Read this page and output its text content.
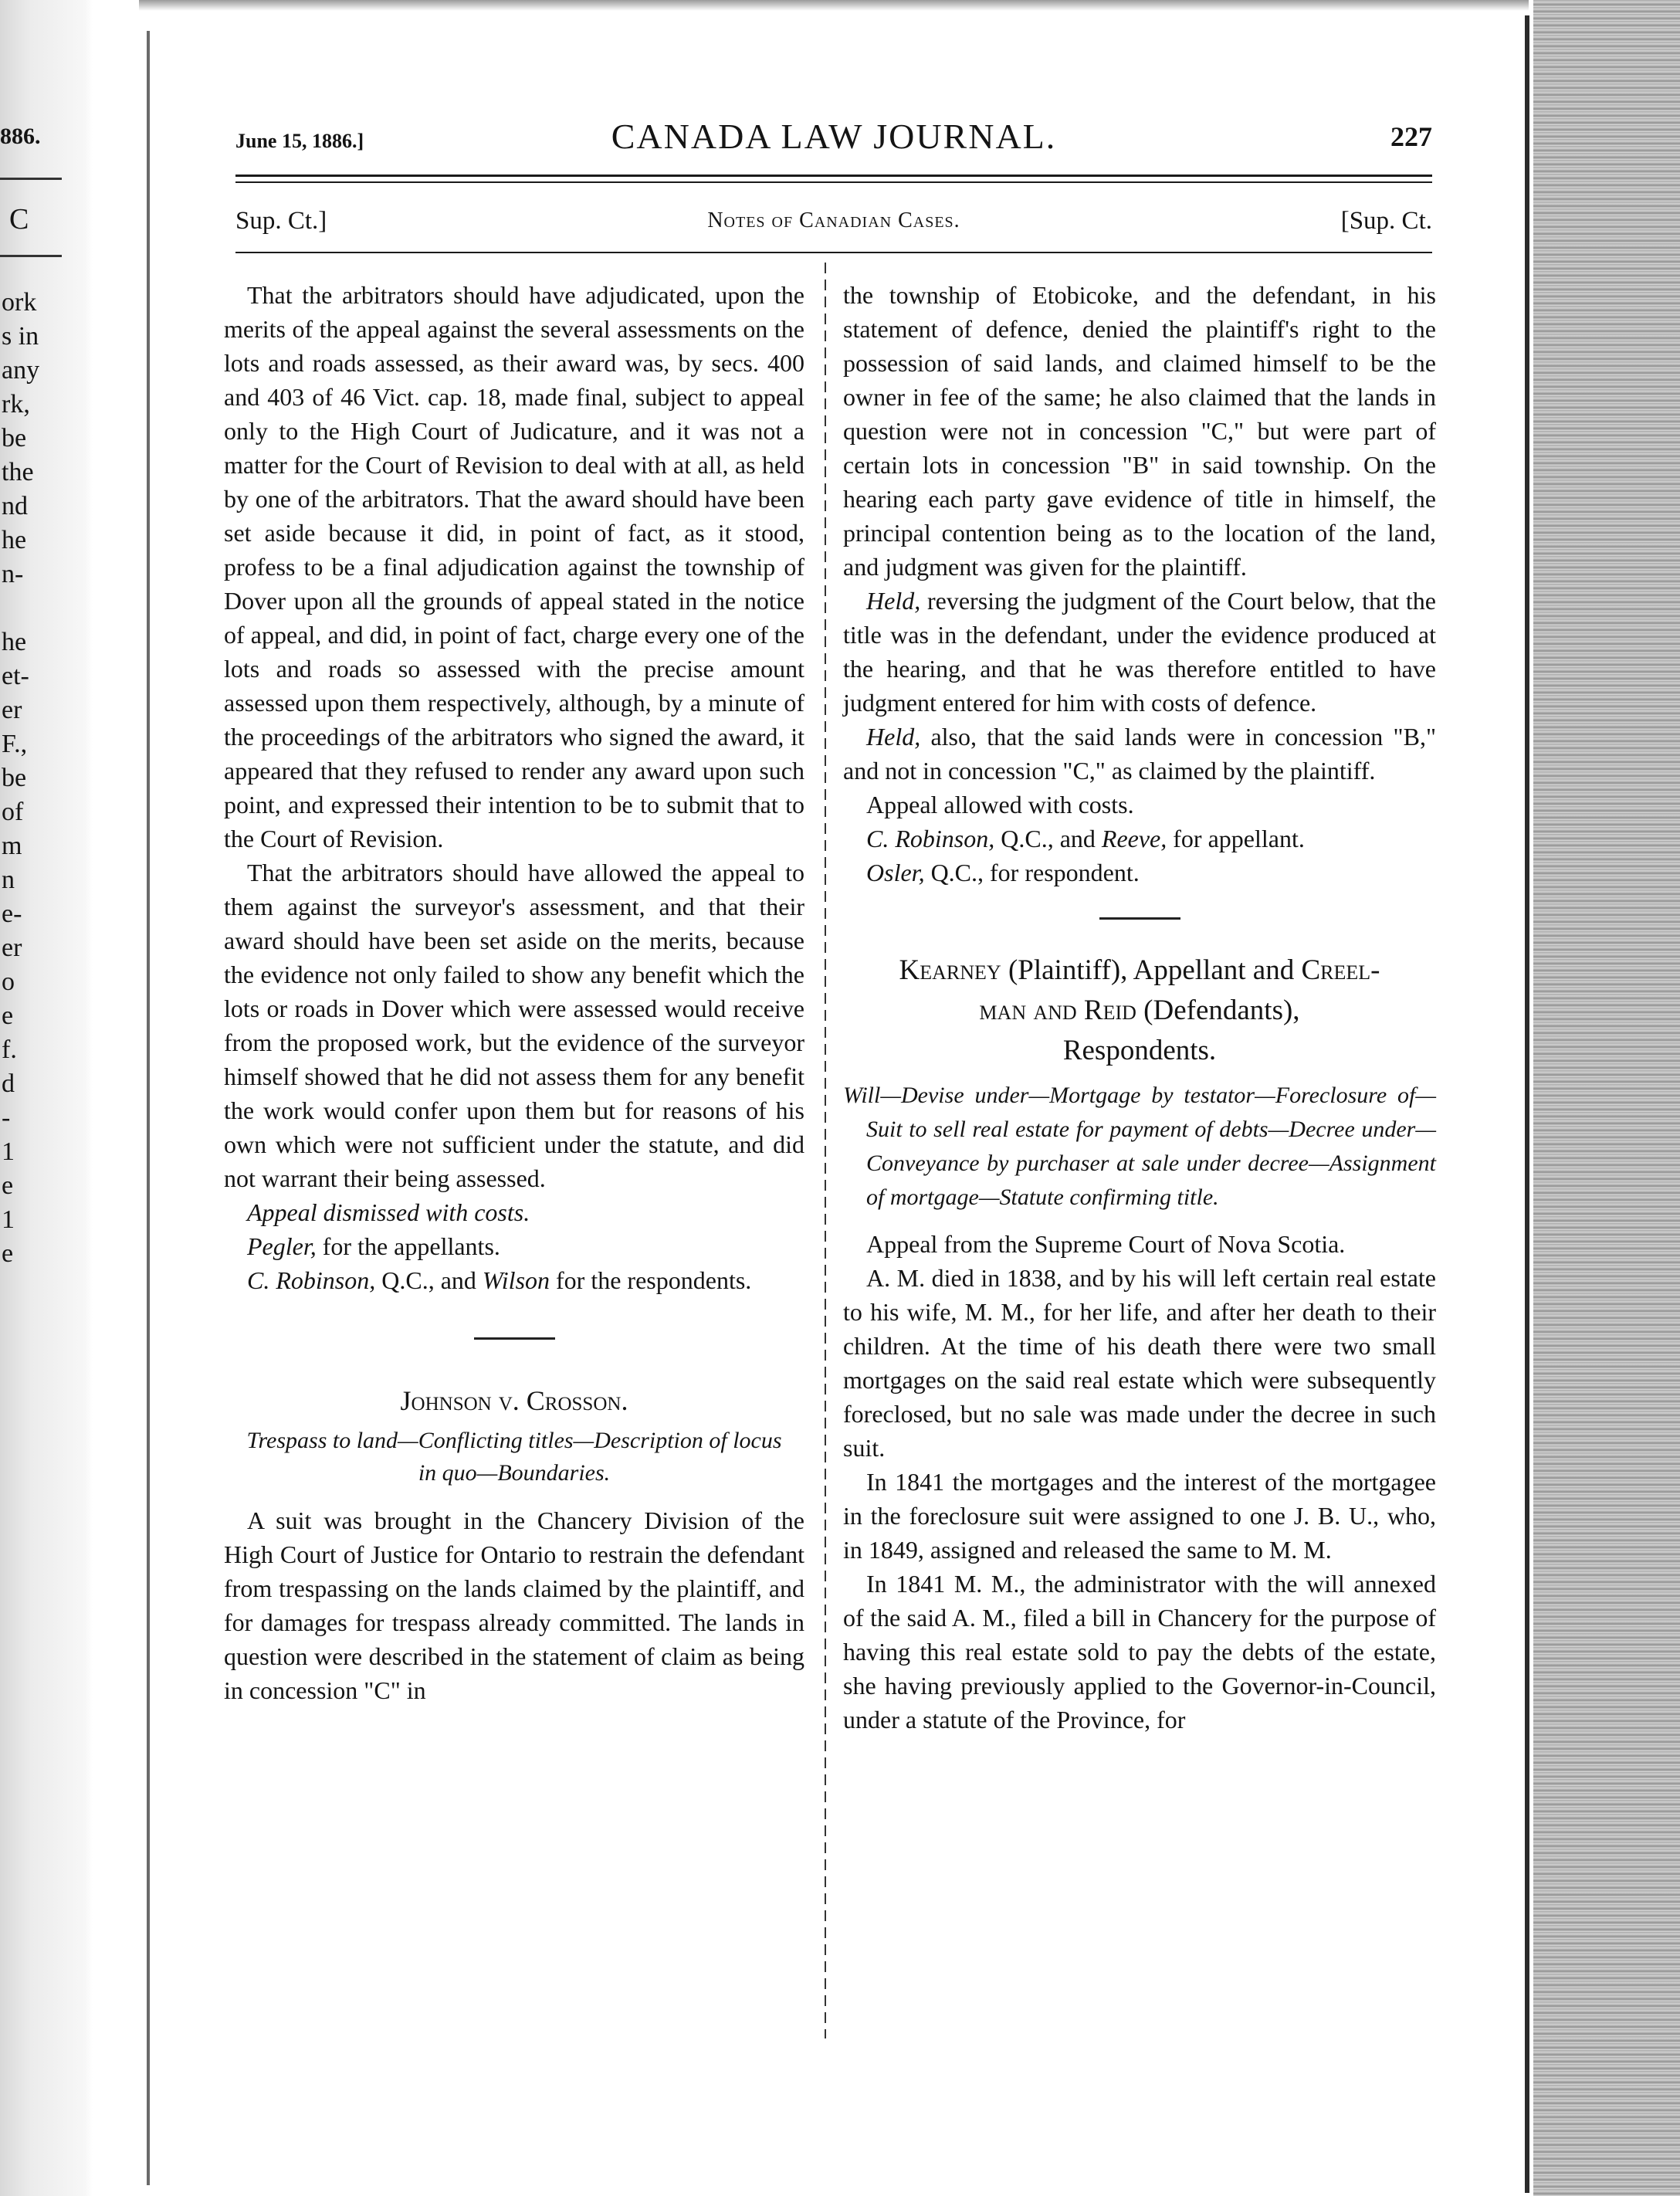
886.
C
ork
s in
any
rk,
be
the
nd
he
n-
he
et-
er
F.,
be
of
m
n
e-
er
o
e
f.
d
-
1
e
1
e
June 15, 1886.]	CANADA LAW JOURNAL.	227
Sup. Ct.]	Notes of Canadian Cases.	[Sup. Ct.

That the arbitrators should have adjudicated, upon the merits of the appeal against the several assessments on the lots and roads assessed, as their award was, by secs. 400 and 403 of 46 Vict. cap. 18, made final, subject to appeal only to the High Court of Judicature, and it was not a matter for the Court of Revision to deal with at all, as held by one of the arbitrators. That the award should have been set aside because it did, in point of fact, as it stood, profess to be a final adjudication against the township of Dover upon all the grounds of appeal stated in the notice of appeal, and did, in point of fact, charge every one of the lots and roads so assessed with the precise amount assessed upon them respectively, although, by a minute of the proceedings of the arbitrators who signed the award, it appeared that they refused to render any award upon such point, and expressed their intention to be to submit that to the Court of Revision.

That the arbitrators should have allowed the appeal to them against the surveyor's assessment, and that their award should have been set aside on the merits, because the evidence not only failed to show any benefit which the lots or roads in Dover which were assessed would receive from the proposed work, but the evidence of the surveyor himself showed that he did not assess them for any benefit the work would confer upon them but for reasons of his own which were not sufficient under the statute, and did not warrant their being assessed.

Appeal dismissed with costs.

Pegler, for the appellants.

C. Robinson, Q.C., and Wilson for the respondents.

Johnson v. Crosson.

Trespass to land—Conflicting titles—Description of locus in quo—Boundaries.

A suit was brought in the Chancery Division of the High Court of Justice for Ontario to restrain the defendant from trespassing on the lands claimed by the plaintiff, and for damages for trespass already committed. The lands in question were described in the statement of claim as being in concession "C" in

the township of Etobicoke, and the defendant, in his statement of defence, denied the plaintiff's right to the possession of said lands, and claimed himself to be the owner in fee of the same; he also claimed that the lands in question were not in concession "C," but were part of certain lots in concession "B" in said township. On the hearing each party gave evidence of title in himself, the principal contention being as to the location of the land, and judgment was given for the plaintiff.

Held, reversing the judgment of the Court below, that the title was in the defendant, under the evidence produced at the hearing, and that he was therefore entitled to have judgment entered for him with costs of defence.

Held, also, that the said lands were in concession "B," and not in concession "C," as claimed by the plaintiff.

Appeal allowed with costs.

C. Robinson, Q.C., and Reeve, for appellant.

Osler, Q.C., for respondent.

Kearney (Plaintiff), Appellant and Creel-

man and Reid (Defendants),

Respondents.

Will—Devise under—Mortgage by testator—Foreclosure of—Suit to sell real estate for payment of debts—Decree under—Conveyance by purchaser at sale under decree—Assignment of mortgage—Statute confirming title.

Appeal from the Supreme Court of Nova Scotia.

A. M. died in 1838, and by his will left certain real estate to his wife, M. M., for her life, and after her death to their children. At the time of his death there were two small mortgages on the said real estate which were subsequently foreclosed, but no sale was made under the decree in such suit.

In 1841 the mortgages and the interest of the mortgagee in the foreclosure suit were assigned to one J. B. U., who, in 1849, assigned and released the same to M. M.

In 1841 M. M., the administrator with the will annexed of the said A. M., filed a bill in Chancery for the purpose of having this real estate sold to pay the debts of the estate, she having previously applied to the Governor-in-Council, under a statute of the Province, for
